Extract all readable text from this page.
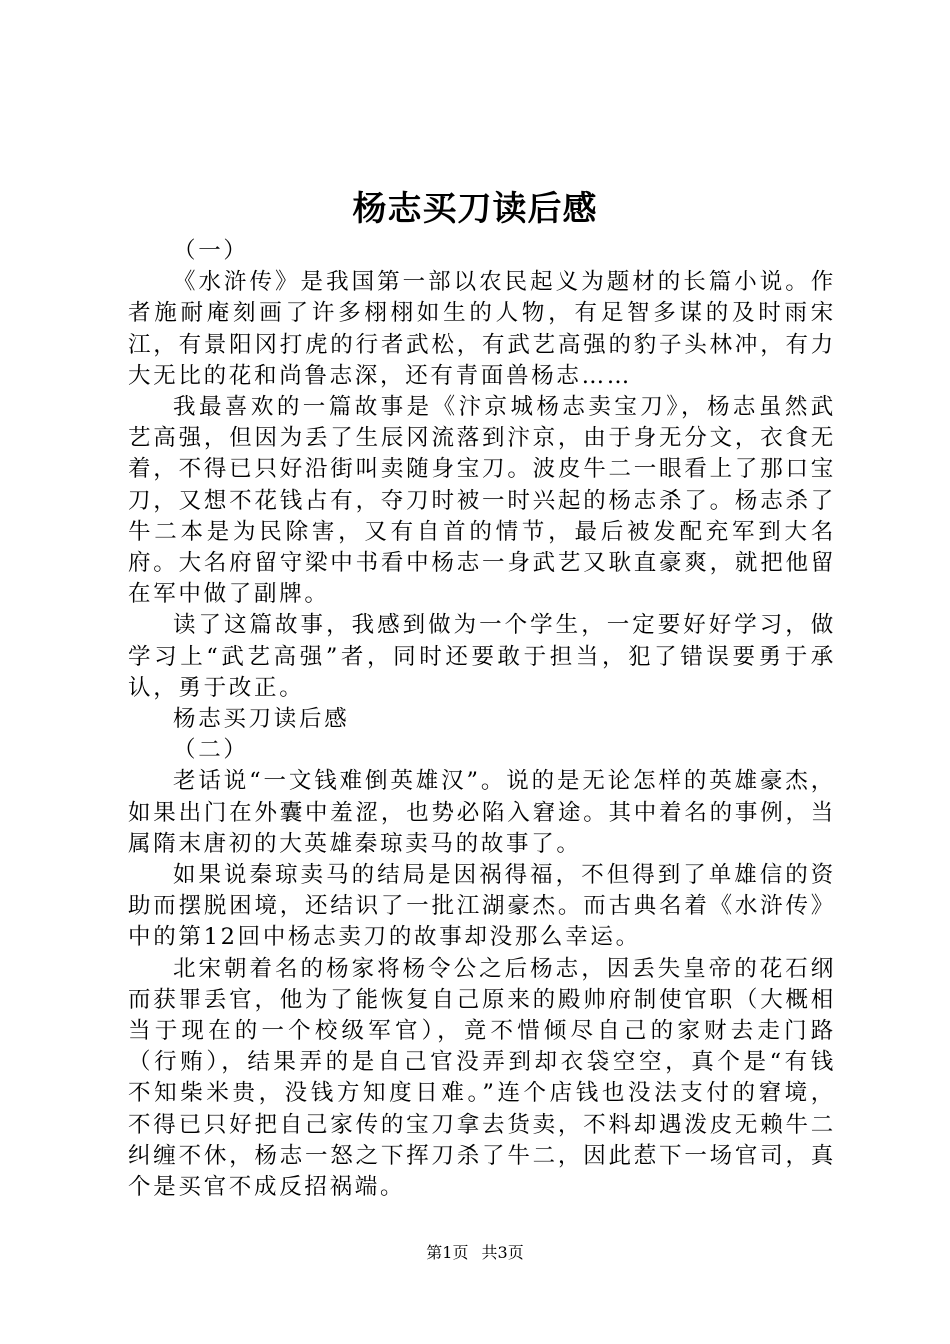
杨志买刀读后感

（一）

《水浒传》是我国第一部以农民起义为题材的长篇小说。作者施耐庵刻画了许多栩栩如生的人物，有足智多谋的及时雨宋江，有景阳冈打虎的行者武松，有武艺高强的豹子头林冲，有力大无比的花和尚鲁志深，还有青面兽杨志……

我最喜欢的一篇故事是《汴京城杨志卖宝刀》，杨志虽然武艺高强，但因为丢了生辰冈流落到汴京，由于身无分文，衣食无着，不得已只好沿街叫卖随身宝刀。波皮牛二一眼看上了那口宝刀，又想不花钱占有，夺刀时被一时兴起的杨志杀了。杨志杀了牛二本是为民除害，又有自首的情节，最后被发配充军到大名府。大名府留守梁中书看中杨志一身武艺又耿直豪爽，就把他留在军中做了副牌。

读了这篇故事，我感到做为一个学生，一定要好好学习，做学习上“武艺高强”者，同时还要敢于担当，犯了错误要勇于承认，勇于改正。

杨志买刀读后感

（二）

老话说“一文钱难倒英雄汉”。说的是无论怎样的英雄豪杰，如果出门在外囊中羞涩，也势必陷入窘途。其中着名的事例，当属隋末唐初的大英雄秦琼卖马的故事了。

如果说秦琼卖马的结局是因祸得福，不但得到了单雄信的资助而摆脱困境，还结识了一批江湖豪杰。而古典名着《水浒传》中的第12回中杨志卖刀的故事却没那么幸运。

北宋朝着名的杨家将杨令公之后杨志，因丢失皇帝的花石纲而获罪丢官，他为了能恢复自己原来的殿帅府制使官职（大概相当于现在的一个校级军官），竟不惜倾尽自己的家财去走门路（行贿），结果弄的是自己官没弄到却衣袋空空，真个是“有钱不知柴米贵，没钱方知度日难。”连个店钱也没法支付的窘境，不得已只好把自己家传的宝刀拿去货卖，不料却遇泼皮无赖牛二纠缠不休，杨志一怒之下挥刀杀了牛二，因此惹下一场官司，真个是买官不成反招祸端。

第1页 共3页
